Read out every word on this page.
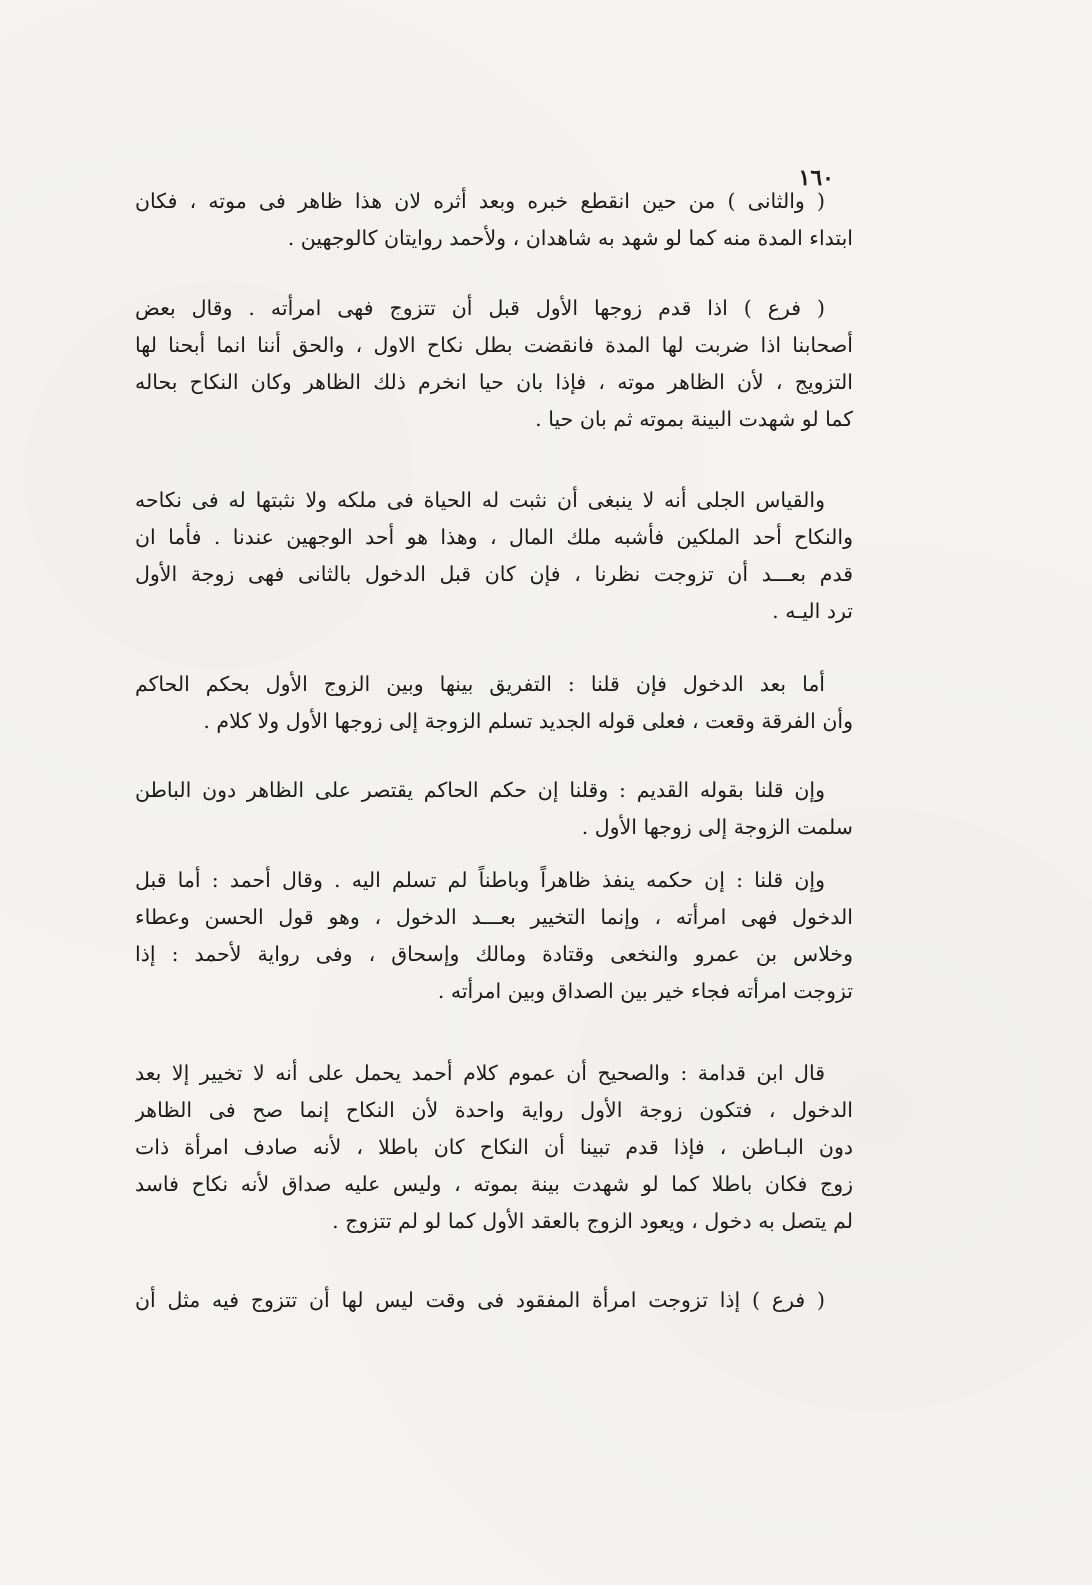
١٦٠
( والثانى ) من حين انقطع خبره وبعد أثره لان هذا ظاهر فى موته ، فكان
ابتداء المدة منه كما لو شهد به شاهدان ، ولأحمد روايتان كالوجهين .
( فرع ) اذا قدم زوجها الأول قبل أن تتزوج فهى امرأته . وقال بعض
أصحابنا اذا ضربت لها المدة فانقضت بطل نكاح الاول ، والحق أننا انما أبحنا لها
التزويج ، لأن الظاهر موته ، فإذا بان حيا انخرم ذلك الظاهر وكان النكاح بحاله
كما لو شهدت البينة بموته ثم بان حيا .
والقياس الجلى أنه لا ينبغى أن نثبت له الحياة فى ملكه ولا نثبتها له فى نكاحه
والنكاح أحد الملكين فأشبه ملك المال ، وهذا هو أحد الوجهين عندنا . فأما ان
قدم بعـــد أن تزوجت نظرنا ، فإن كان قبل الدخول بالثانى فهى زوجة الأول
ترد اليـه .
أما بعد الدخول فإن قلنا : التفريق بينها وبين الزوج الأول بحكم الحاكم
وأن الفرقة وقعت ، فعلى قوله الجديد تسلم الزوجة إلى زوجها الأول ولا كلام .
وإن قلنا بقوله القديم : وقلنا إن حكم الحاكم يقتصر على الظاهر دون الباطن
سلمت الزوجة إلى زوجها الأول .
وإن قلنا : إن حكمه ينفذ ظاهراً وباطناً لم تسلم اليه . وقال أحمد : أما قبل
الدخول فهى امرأته ، وإنما التخيير بعـــد الدخول ، وهو قول الحسن وعطاء
وخلاس بن عمرو والنخعى وقتادة ومالك وإسحاق ، وفى رواية لأحمد : إذا
تزوجت امرأته فجاء خير بين الصداق وبين امرأته .
قال ابن قدامة : والصحيح أن عموم كلام أحمد يحمل على أنه لا تخيير إلا بعد
الدخول ، فتكون زوجة الأول رواية واحدة لأن النكاح إنما صح فى الظاهر
دون البـاطن ، فإذا قدم تبينا أن النكاح كان باطلا ، لأنه صادف امرأة ذات
زوج فكان باطلا كما لو شهدت بينة بموته ، وليس عليه صداق لأنه نكاح فاسد
لم يتصل به دخول ، ويعود الزوج بالعقد الأول كما لو لم تتزوج .
( فرع ) إذا تزوجت امرأة المفقود فى وقت ليس لها أن تتزوج فيه مثل أن
